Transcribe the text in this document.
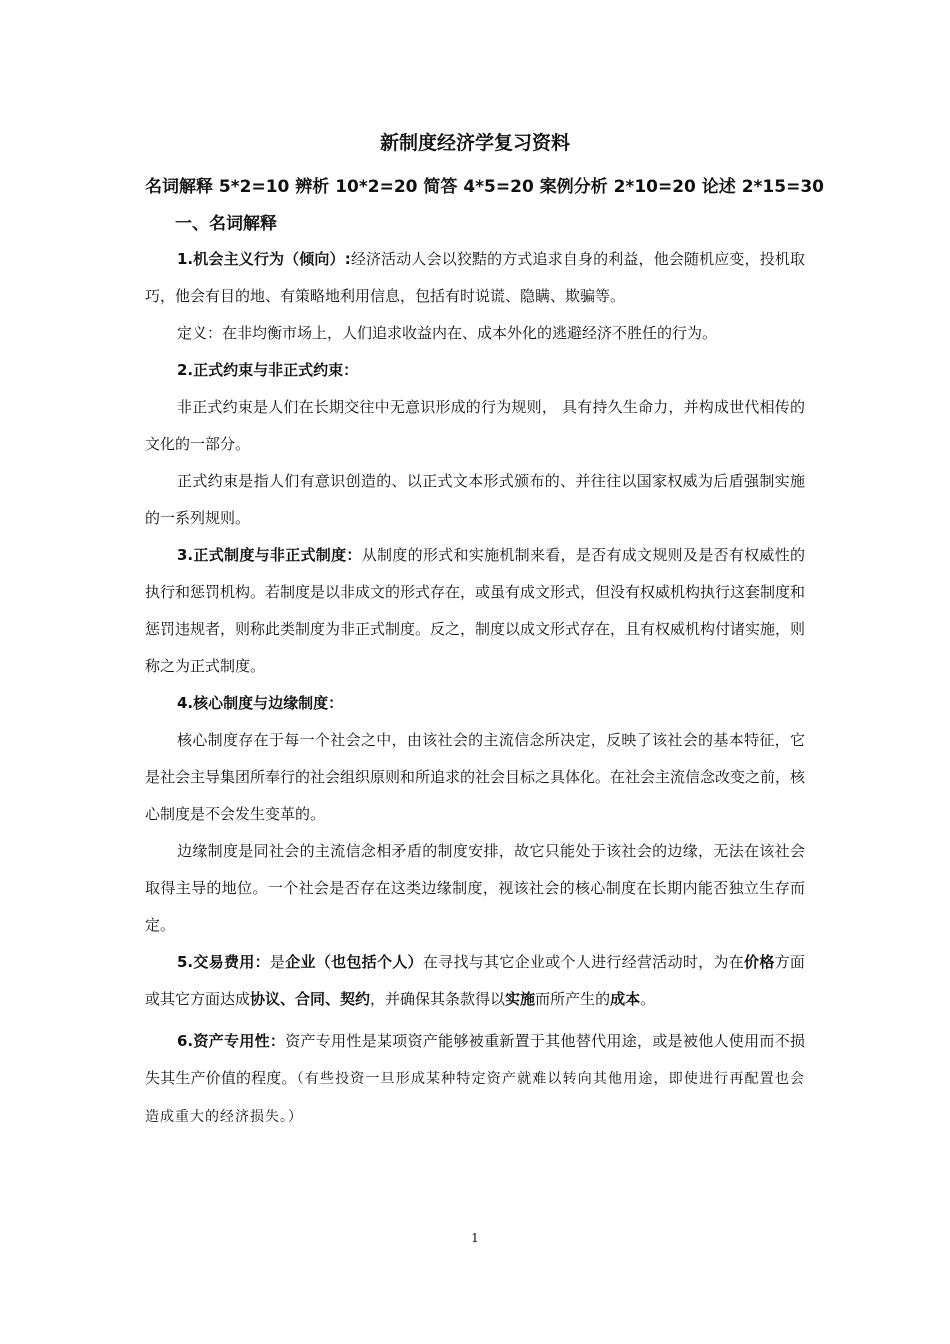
新制度经济学复习资料
名词解释 5*2=10 辨析 10*2=20 简答 4*5=20 案例分析 2*10=20 论述 2*15=30
一、名词解释

1.机会主义行为（倾向）:经济活动人会以狡黠的方式追求自身的利益，他会随机应变，投机取巧，他会有目的地、有策略地利用信息，包括有时说谎、隐瞒、欺骗等。

定义：在非均衡市场上，人们追求收益内在、成本外化的逃避经济不胜任的行为。

2.正式约束与非正式约束：

非正式约束是人们在长期交往中无意识形成的行为规则， 具有持久生命力，并构成世代相传的文化的一部分。

正式约束是指人们有意识创造的、以正式文本形式颁布的、并往往以国家权威为后盾强制实施的一系列规则。

3.正式制度与非正式制度：从制度的形式和实施机制来看，是否有成文规则及是否有权威性的执行和惩罚机构。若制度是以非成文的形式存在，或虽有成文形式，但没有权威机构执行这套制度和惩罚违规者，则称此类制度为非正式制度。反之，制度以成文形式存在，且有权威机构付诸实施，则称之为正式制度。

4.核心制度与边缘制度：

核心制度存在于每一个社会之中，由该社会的主流信念所决定，反映了该社会的基本特征，它是社会主导集团所奉行的社会组织原则和所追求的社会目标之具体化。在社会主流信念改变之前，核心制度是不会发生变革的。

边缘制度是同社会的主流信念相矛盾的制度安排，故它只能处于该社会的边缘，无法在该社会取得主导的地位。一个社会是否存在这类边缘制度，视该社会的核心制度在长期内能否独立生存而定。

5.交易费用：是企业（也包括个人）在寻找与其它企业或个人进行经营活动时，为在价格方面或其它方面达成协议、合同、契约，并确保其条款得以实施而所产生的成本。

6.资产专用性：资产专用性是某项资产能够被重新置于其他替代用途，或是被他人使用而不损失其生产价值的程度。（有些投资一旦形成某种特定资产就难以转向其他用途，即使进行再配置也会造成重大的经济损失。）

1
